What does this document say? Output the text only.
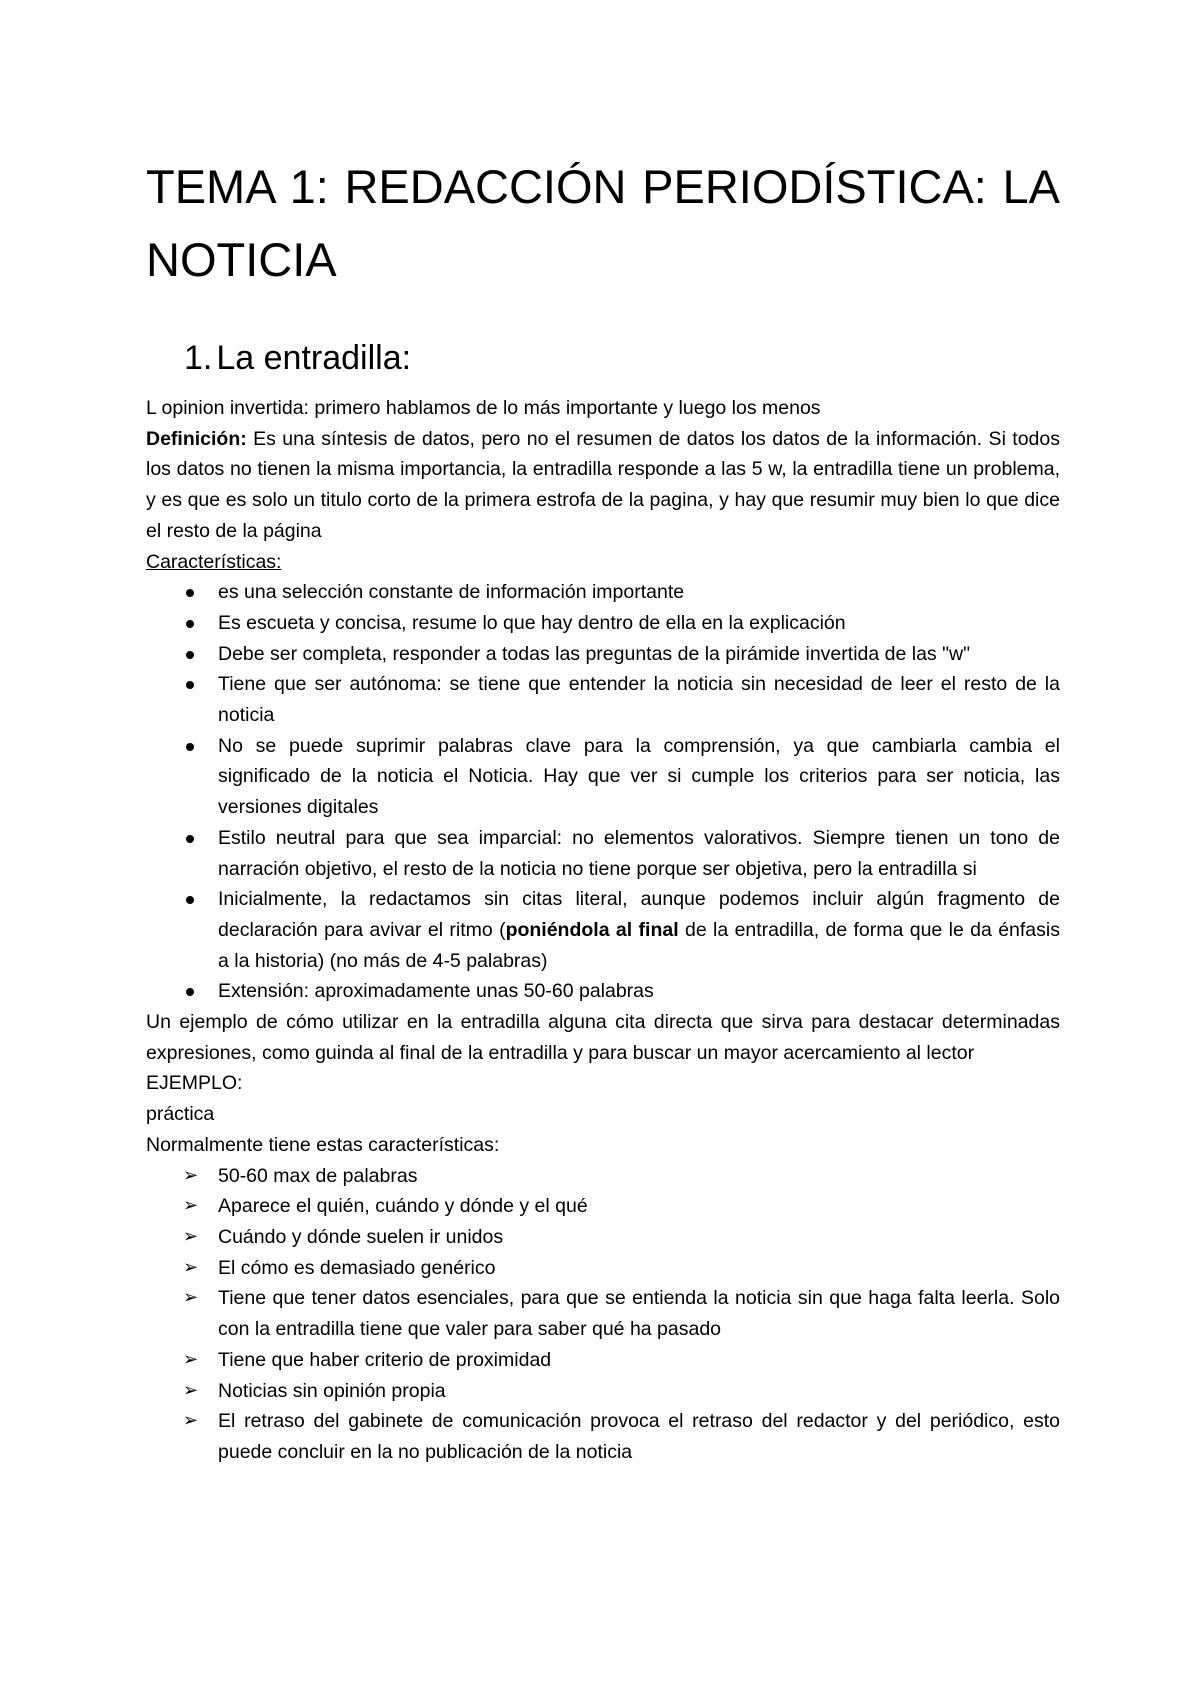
TEMA 1: REDACCIÓN PERIODÍSTICA: LA NOTICIA
1. La entradilla:

L opinion invertida: primero hablamos de lo más importante y luego los menos

Definición: Es una síntesis de datos, pero no el resumen de datos los datos de la información. Si todos los datos no tienen la misma importancia, la entradilla responde a las 5 w, la entradilla tiene un problema, y es que es solo un titulo corto de la primera estrofa de la pagina, y hay que resumir muy bien lo que dice el resto de la página

Características:

es una selección constante de información importante
Es escueta y concisa, resume lo que hay dentro de ella en la explicación
Debe ser completa, responder a todas las preguntas de la pirámide invertida de las "w"
Tiene que ser autónoma: se tiene que entender la noticia sin necesidad de leer el resto de la noticia
No se puede suprimir palabras clave para la comprensión, ya que cambiarla cambia el significado de la noticia el Noticia. Hay que ver si cumple los criterios para ser noticia, las versiones digitales
Estilo neutral para que sea imparcial: no elementos valorativos. Siempre tienen un tono de narración objetivo, el resto de la noticia no tiene porque ser objetiva, pero la entradilla si
Inicialmente, la redactamos sin citas literal, aunque podemos incluir algún fragmento de declaración para avivar el ritmo (poniéndola al final de la entradilla, de forma que le da énfasis a la historia) (no más de 4-5 palabras)
Extensión: aproximadamente unas 50-60 palabras

Un ejemplo de cómo utilizar en la entradilla alguna cita directa que sirva para destacar determinadas expresiones, como guinda al final de la entradilla y para buscar un mayor acercamiento al lector

EJEMPLO:

práctica

Normalmente tiene estas características:

➢ 50-60 max de palabras
➢ Aparece el quién, cuándo y dónde y el qué
➢ Cuándo y dónde suelen ir unidos
➢ El cómo es demasiado genérico
➢ Tiene que tener datos esenciales, para que se entienda la noticia sin que haga falta leerla. Solo con la entradilla tiene que valer para saber qué ha pasado
➢ Tiene que haber criterio de proximidad
➢ Noticias sin opinión propia
➢ El retraso del gabinete de comunicación provoca el retraso del redactor y del periódico, esto puede concluir en la no publicación de la noticia
